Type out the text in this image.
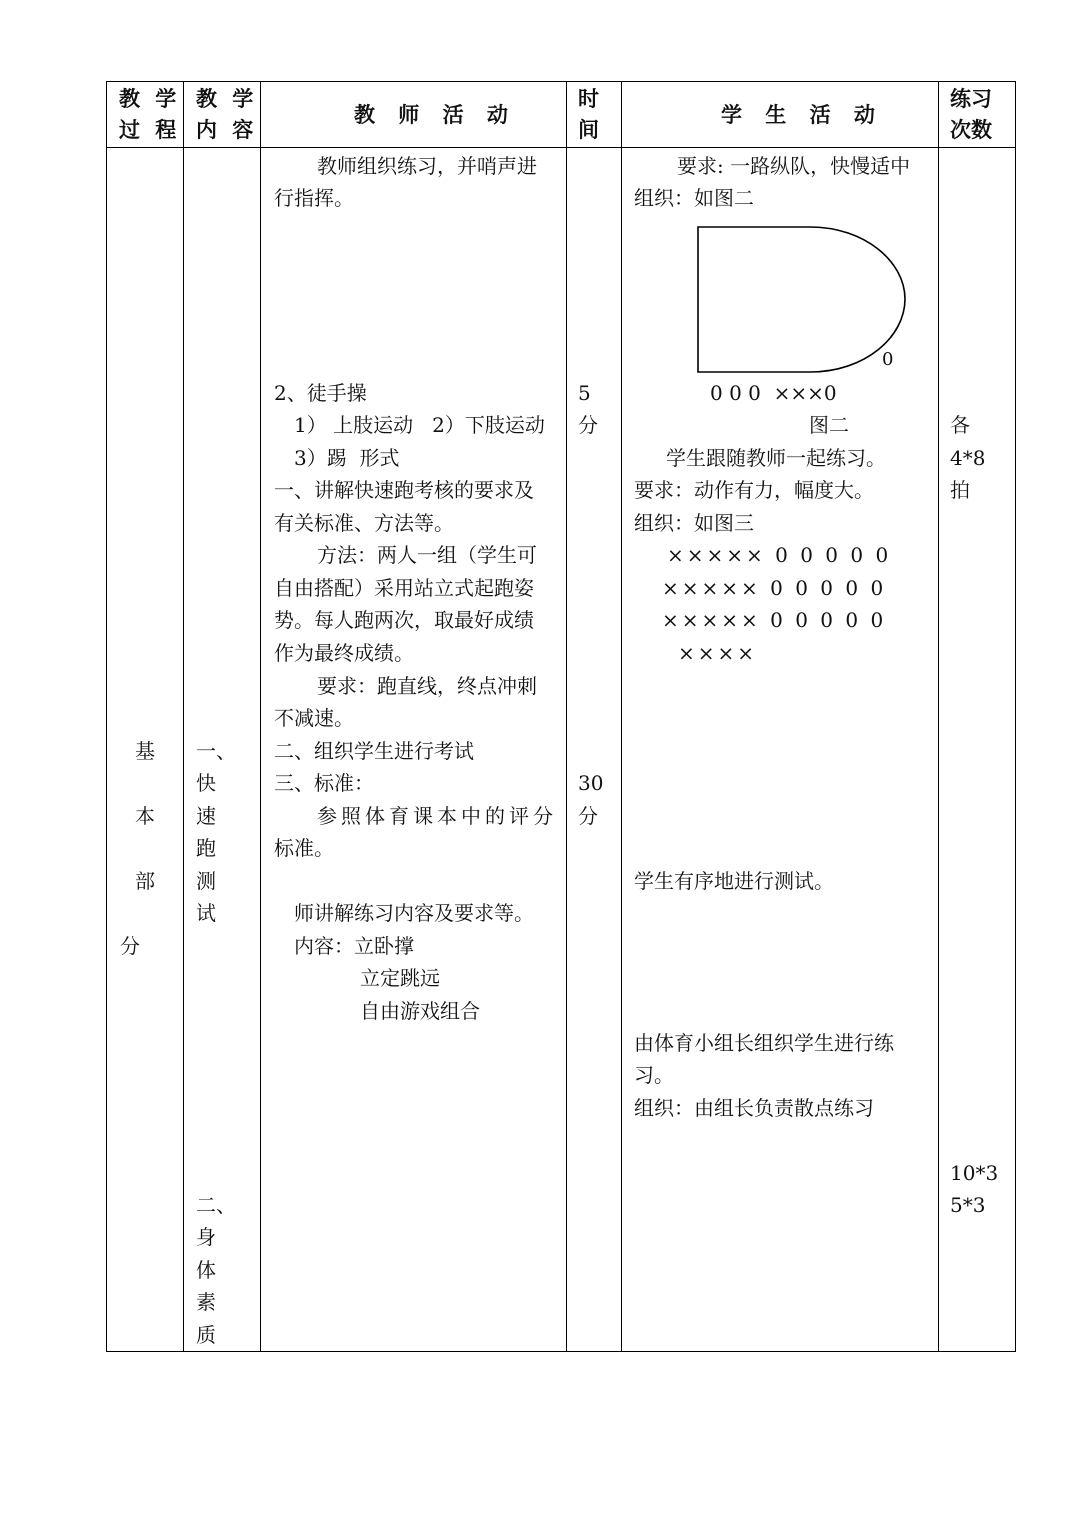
教 学
过 程
教 学
内 容
教 师 活 动
时
间
学 生 活 动
练习
次数
基
本
部
分
一、
快
速
跑
测
试
二、
身
体
素
质
教师组织练习，并哨声进
行指挥。
2、徒手操
1） 上肢运动   2）下肢运动
3）踢  形式
一、讲解快速跑考核的要求及
有关标准、方法等。
方法：两人一组（学生可
自由搭配）采用站立式起跑姿
势。每人跑两次，取最好成绩
作为最终成绩。
要求：跑直线，终点冲刺
不减速。
二、组织学生进行考试
三、标准：
参照体育课本中的评分
标准。
师讲解练习内容及要求等。
内容：立卧撑
立定跳远
自由游戏组合
5
分
30
分
要求: 一路纵队，快慢适中
组织：如图二
0
0 0 0  ×××0
图二
学生跟随教师一起练习。
要求：动作有力，幅度大。
组织：如图三
××××× 0 0 0 0 0
××××× 0 0 0 0 0
××××× 0 0 0 0 0
××××
学生有序地进行测试。
由体育小组长组织学生进行练
习。
组织：由组长负责散点练习
各
4*8
拍
10*3
5*3
